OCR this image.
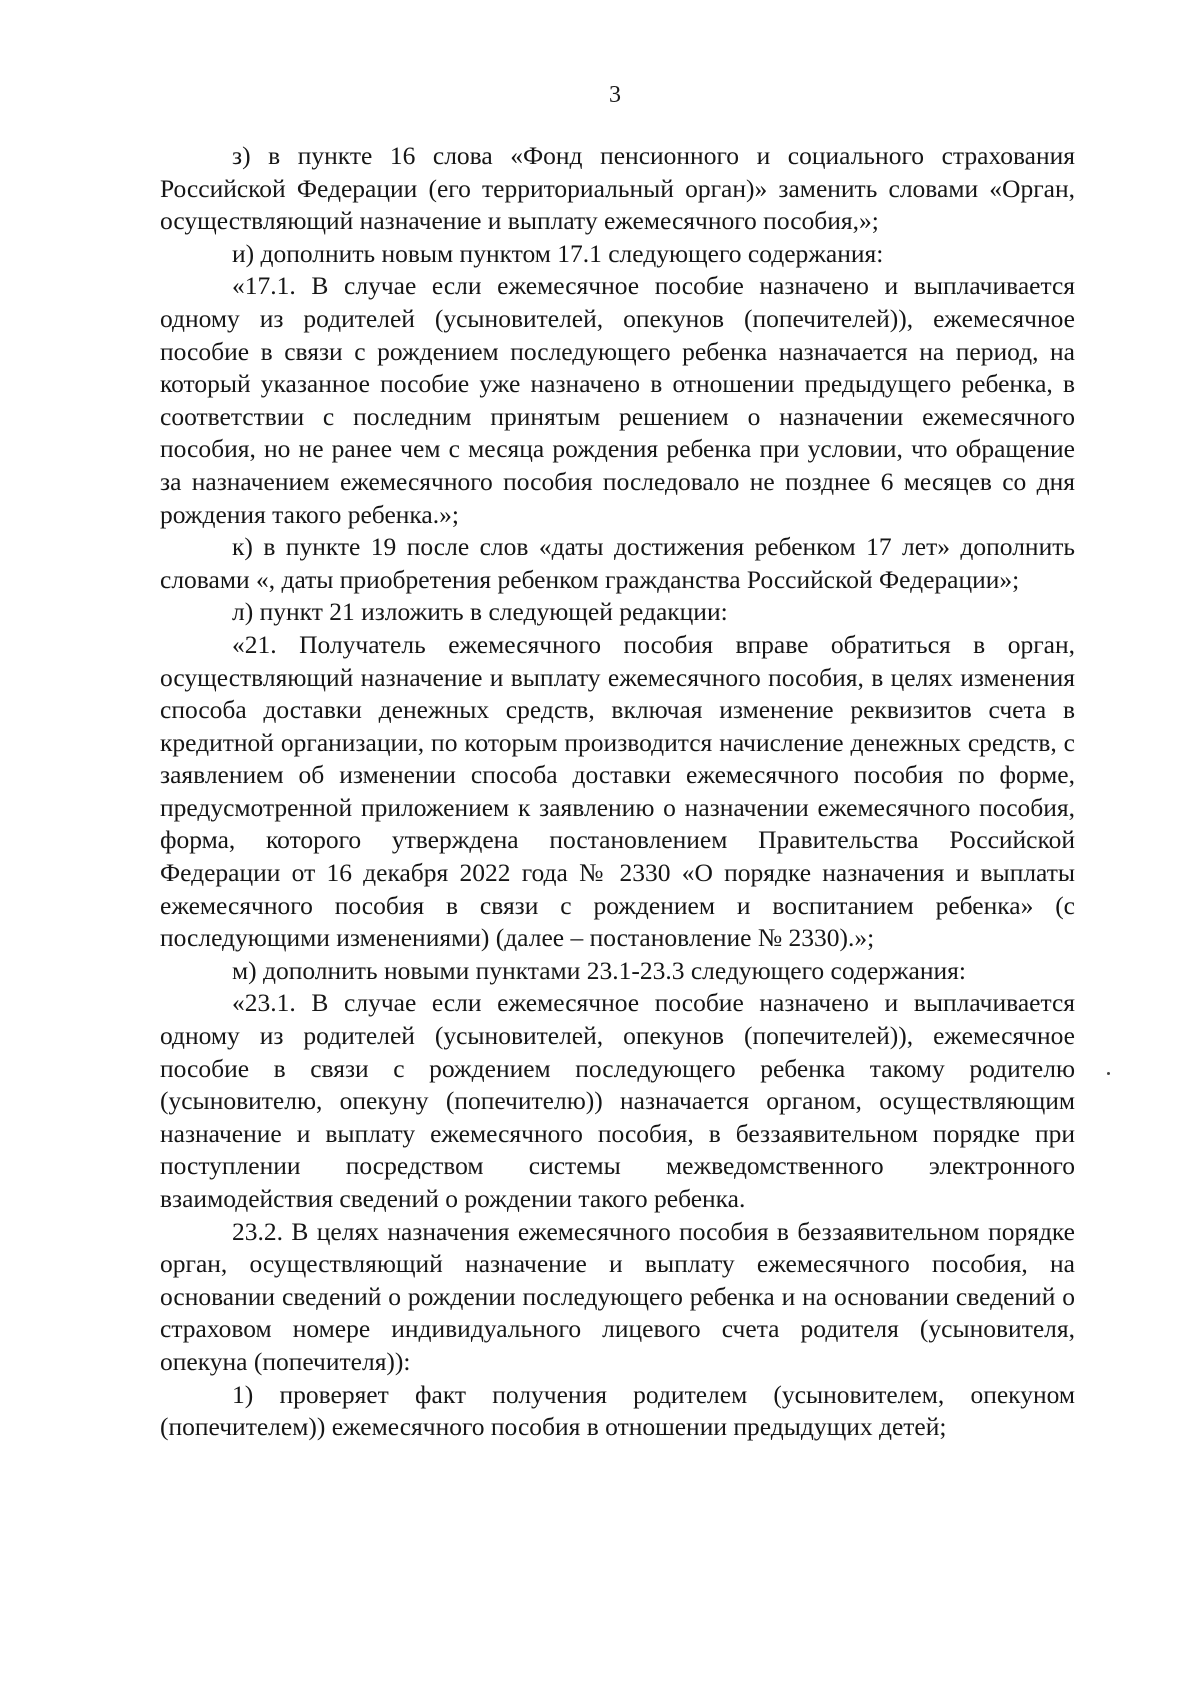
3

з) в пункте 16 слова «Фонд пенсионного и социального страхования Российской Федерации (его территориальный орган)» заменить словами «Орган, осуществляющий назначение и выплату ежемесячного пособия,»;

и) дополнить новым пунктом 17.1 следующего содержания:

«17.1. В случае если ежемесячное пособие назначено и выплачивается одному из родителей (усыновителей, опекунов (попечителей)), ежемесячное пособие в связи с рождением последующего ребенка назначается на период, на который указанное пособие уже назначено в отношении предыдущего ребенка, в соответствии с последним принятым решением о назначении ежемесячного пособия, но не ранее чем с месяца рождения ребенка при условии, что обращение за назначением ежемесячного пособия последовало не позднее 6 месяцев со дня рождения такого ребенка.»;

к) в пункте 19 после слов «даты достижения ребенком 17 лет» дополнить словами «, даты приобретения ребенком гражданства Российской Федерации»;

л) пункт 21 изложить в следующей редакции:

«21. Получатель ежемесячного пособия вправе обратиться в орган, осуществляющий назначение и выплату ежемесячного пособия, в целях изменения способа доставки денежных средств, включая изменение реквизитов счета в кредитной организации, по которым производится начисление денежных средств, с заявлением об изменении способа доставки ежемесячного пособия по форме, предусмотренной приложением к заявлению о назначении ежемесячного пособия, форма, которого утверждена постановлением Правительства Российской Федерации от 16 декабря 2022 года № 2330 «О порядке назначения и выплаты ежемесячного пособия в связи с рождением и воспитанием ребенка» (с последующими изменениями) (далее – постановление № 2330).»;

м) дополнить новыми пунктами 23.1-23.3 следующего содержания:

«23.1. В случае если ежемесячное пособие назначено и выплачивается одному из родителей (усыновителей, опекунов (попечителей)), ежемесячное пособие в связи с рождением последующего ребенка такому родителю (усыновителю, опекуну (попечителю)) назначается органом, осуществляющим назначение и выплату ежемесячного пособия, в беззаявительном порядке при поступлении посредством системы межведомственного электронного взаимодействия сведений о рождении такого ребенка.

23.2. В целях назначения ежемесячного пособия в беззаявительном порядке орган, осуществляющий назначение и выплату ежемесячного пособия, на основании сведений о рождении последующего ребенка и на основании сведений о страховом номере индивидуального лицевого счета родителя (усыновителя, опекуна (попечителя)):

1) проверяет факт получения родителем (усыновителем, опекуном (попечителем)) ежемесячного пособия в отношении предыдущих детей;
